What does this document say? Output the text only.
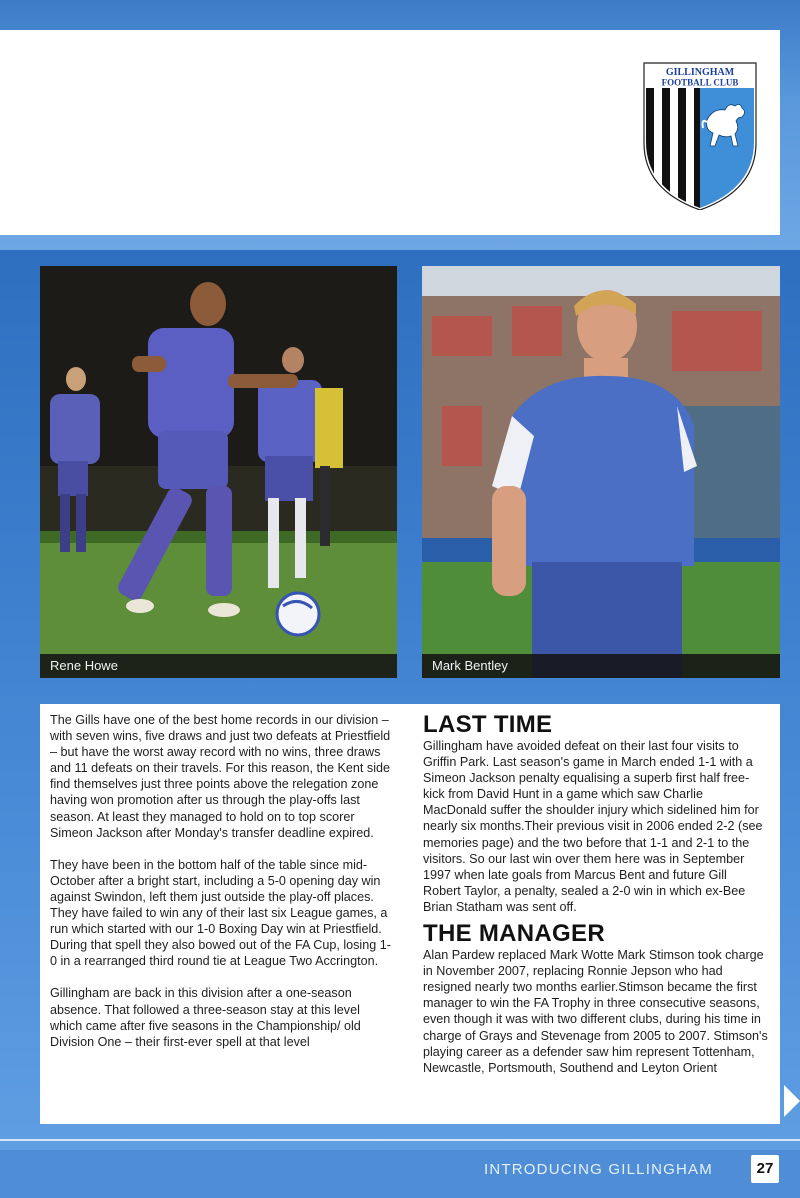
GILLINGHAM
FOOTBALL CLUB
Rene Howe	Mark Bentley

The Gills have one of the best home records in our division – with seven wins, five draws and just two defeats at Priestfield – but have the worst away record with no wins, three draws and 11 defeats on their travels. For this reason, the Kent side find themselves just three points above the relegation zone having won promotion after us through the play-offs last season. At least they managed to hold on to top scorer Simeon Jackson after Monday's transfer deadline expired.

They have been in the bottom half of the table since mid-October after a bright start, including a 5-0 opening day win against Swindon, left them just outside the play-off places. They have failed to win any of their last six League games, a run which started with our 1-0 Boxing Day win at Priestfield. During that spell they also bowed out of the FA Cup, losing 1-0 in a rearranged third round tie at League Two Accrington.

Gillingham are back in this division after a one-season absence. That followed a three-season stay at this level which came after five seasons in the Championship/ old Division One – their first-ever spell at that level

LAST TIME

Gillingham have avoided defeat on their last four visits to Griffin Park. Last season's game in March ended 1-1 with a Simeon Jackson penalty equalising a superb first half free-kick from David Hunt in a game which saw Charlie MacDonald suffer the shoulder injury which sidelined him for nearly six months.Their previous visit in 2006 ended 2-2 (see memories page) and the two before that 1-1 and 2-1 to the visitors. So our last win over them here was in September 1997 when late goals from Marcus Bent and future Gill Robert Taylor, a penalty, sealed a 2-0 win in which ex-Bee Brian Statham was sent off.

THE MANAGER

Alan Pardew replaced Mark Wotte Mark Stimson took charge in November 2007, replacing Ronnie Jepson who had resigned nearly two months earlier.Stimson became the first manager to win the FA Trophy in three consecutive seasons, even though it was with two different clubs, during his time in charge of Grays and Stevenage from 2005 to 2007. Stimson's playing career as a defender saw him represent Tottenham, Newcastle, Portsmouth, Southend and Leyton Orient

INTRODUCING GILLINGHAM	27
